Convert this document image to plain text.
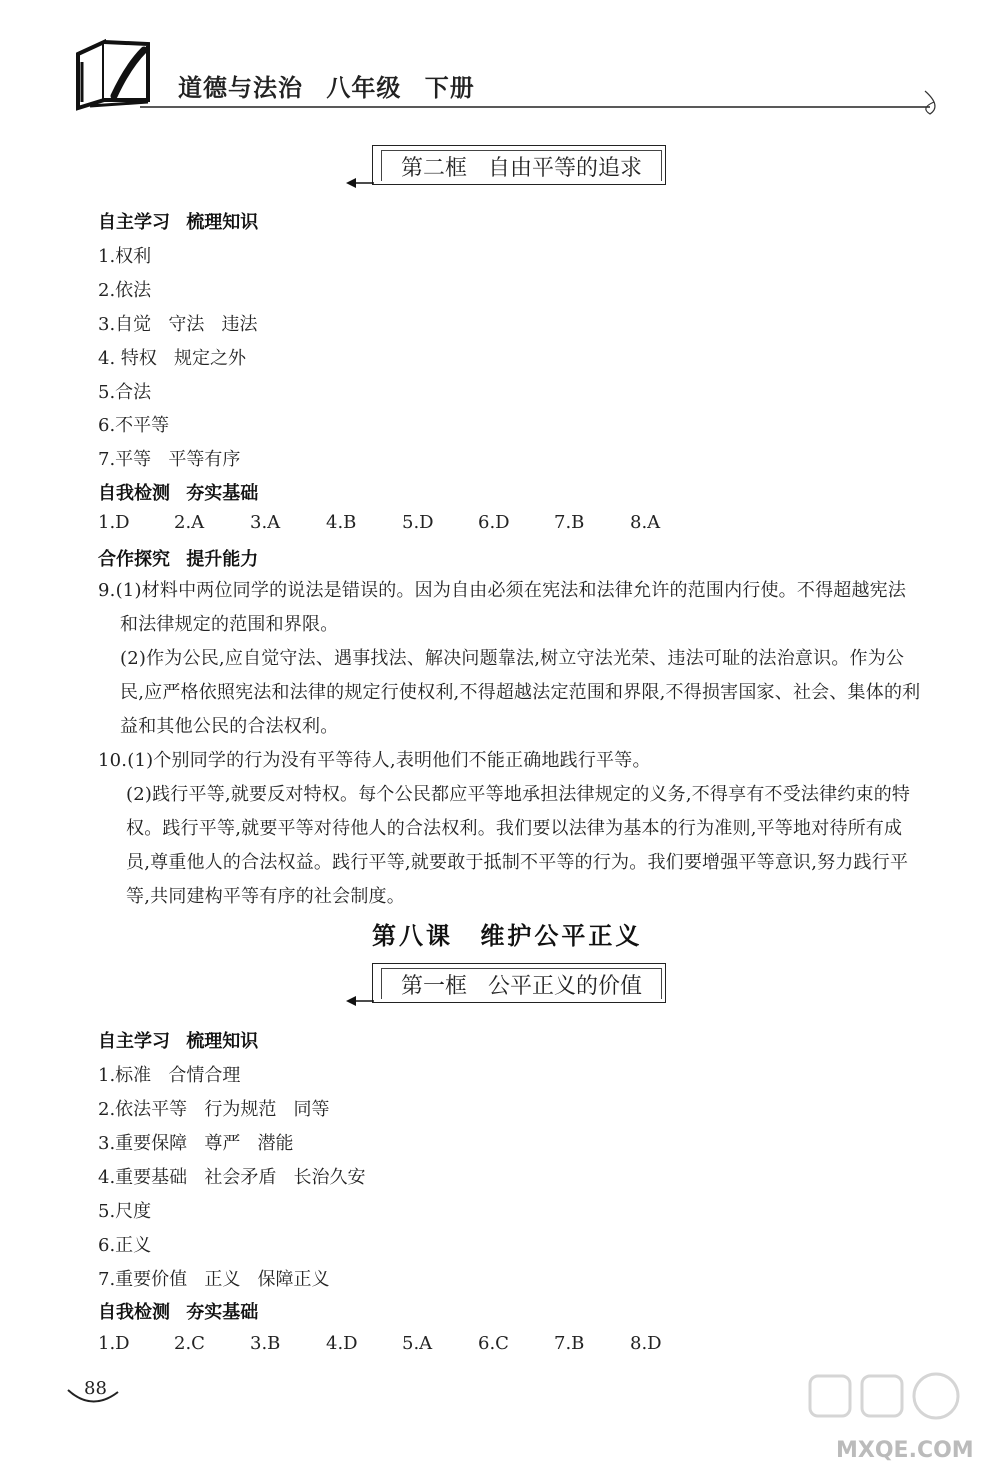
道德与法治 八年级 下册
第二框 自由平等的追求
自主学习 梳理知识
1.权利
2.依法
3.自觉   守法   违法
4. 特权   规定之外
5.合法
6.不平等
7.平等   平等有序
自我检测 夯实基础
1.D	2.A	3.A	4.B	5.D	6.D	7.B	8.A
合作探究 提升能力
9.(1)材料中两位同学的说法是错误的。因为自由必须在宪法和法律允许的范围内行使。不得超越宪法和法律规定的范围和界限。
(2)作为公民,应自觉守法、遇事找法、解决问题靠法,树立守法光荣、违法可耻的法治意识。作为公民,应严格依照宪法和法律的规定行使权利,不得超越法定范围和界限,不得损害国家、社会、集体的利益和其他公民的合法权利。
10.(1)个别同学的行为没有平等待人,表明他们不能正确地践行平等。
(2)践行平等,就要反对特权。每个公民都应平等地承担法律规定的义务,不得享有不受法律约束的特权。践行平等,就要平等对待他人的合法权利。我们要以法律为基本的行为准则,平等地对待所有成员,尊重他人的合法权益。践行平等,就要敢于抵制不平等的行为。我们要增强平等意识,努力践行平等,共同建构平等有序的社会制度。
第八课 维护公平正义
第一框 公平正义的价值
自主学习 梳理知识
1.标准   合情合理
2.依法平等   行为规范   同等
3.重要保障   尊严   潜能
4.重要基础   社会矛盾   长治久安
5.尺度
6.正义
7.重要价值   正义   保障正义
自我检测 夯实基础
1.D	2.C	3.B	4.D	5.A	6.C	7.B	8.D
88
MXQE.COM
